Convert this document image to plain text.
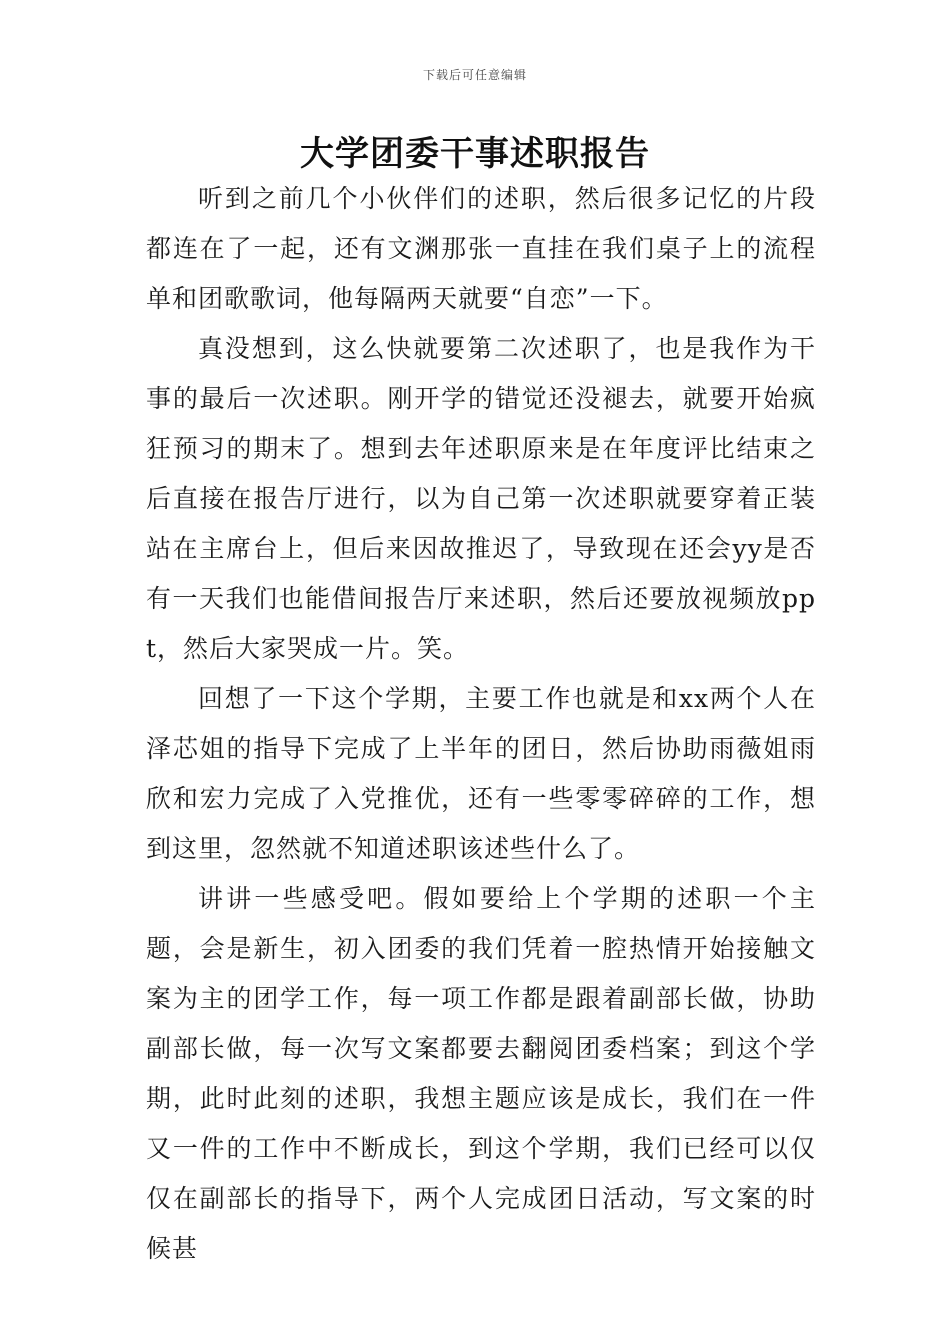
下载后可任意编辑
大学团委干事述职报告

听到之前几个小伙伴们的述职，然后很多记忆的片段都连在了一起，还有文渊那张一直挂在我们桌子上的流程单和团歌歌词，他每隔两天就要“自恋”一下。

真没想到，这么快就要第二次述职了，也是我作为干事的最后一次述职。刚开学的错觉还没褪去，就要开始疯狂预习的期末了。想到去年述职原来是在年度评比结束之后直接在报告厅进行，以为自己第一次述职就要穿着正装站在主席台上，但后来因故推迟了，导致现在还会yy是否有一天我们也能借间报告厅来述职，然后还要放视频放ppt，然后大家哭成一片。笑。

回想了一下这个学期，主要工作也就是和xx两个人在泽芯姐的指导下完成了上半年的团日，然后协助雨薇姐雨欣和宏力完成了入党推优，还有一些零零碎碎的工作，想到这里，忽然就不知道述职该述些什么了。

讲讲一些感受吧。假如要给上个学期的述职一个主题，会是新生，初入团委的我们凭着一腔热情开始接触文案为主的团学工作，每一项工作都是跟着副部长做，协助副部长做，每一次写文案都要去翻阅团委档案；到这个学期，此时此刻的述职，我想主题应该是成长，我们在一件又一件的工作中不断成长，到这个学期，我们已经可以仅仅在副部长的指导下，两个人完成团日活动，写文案的时候甚
